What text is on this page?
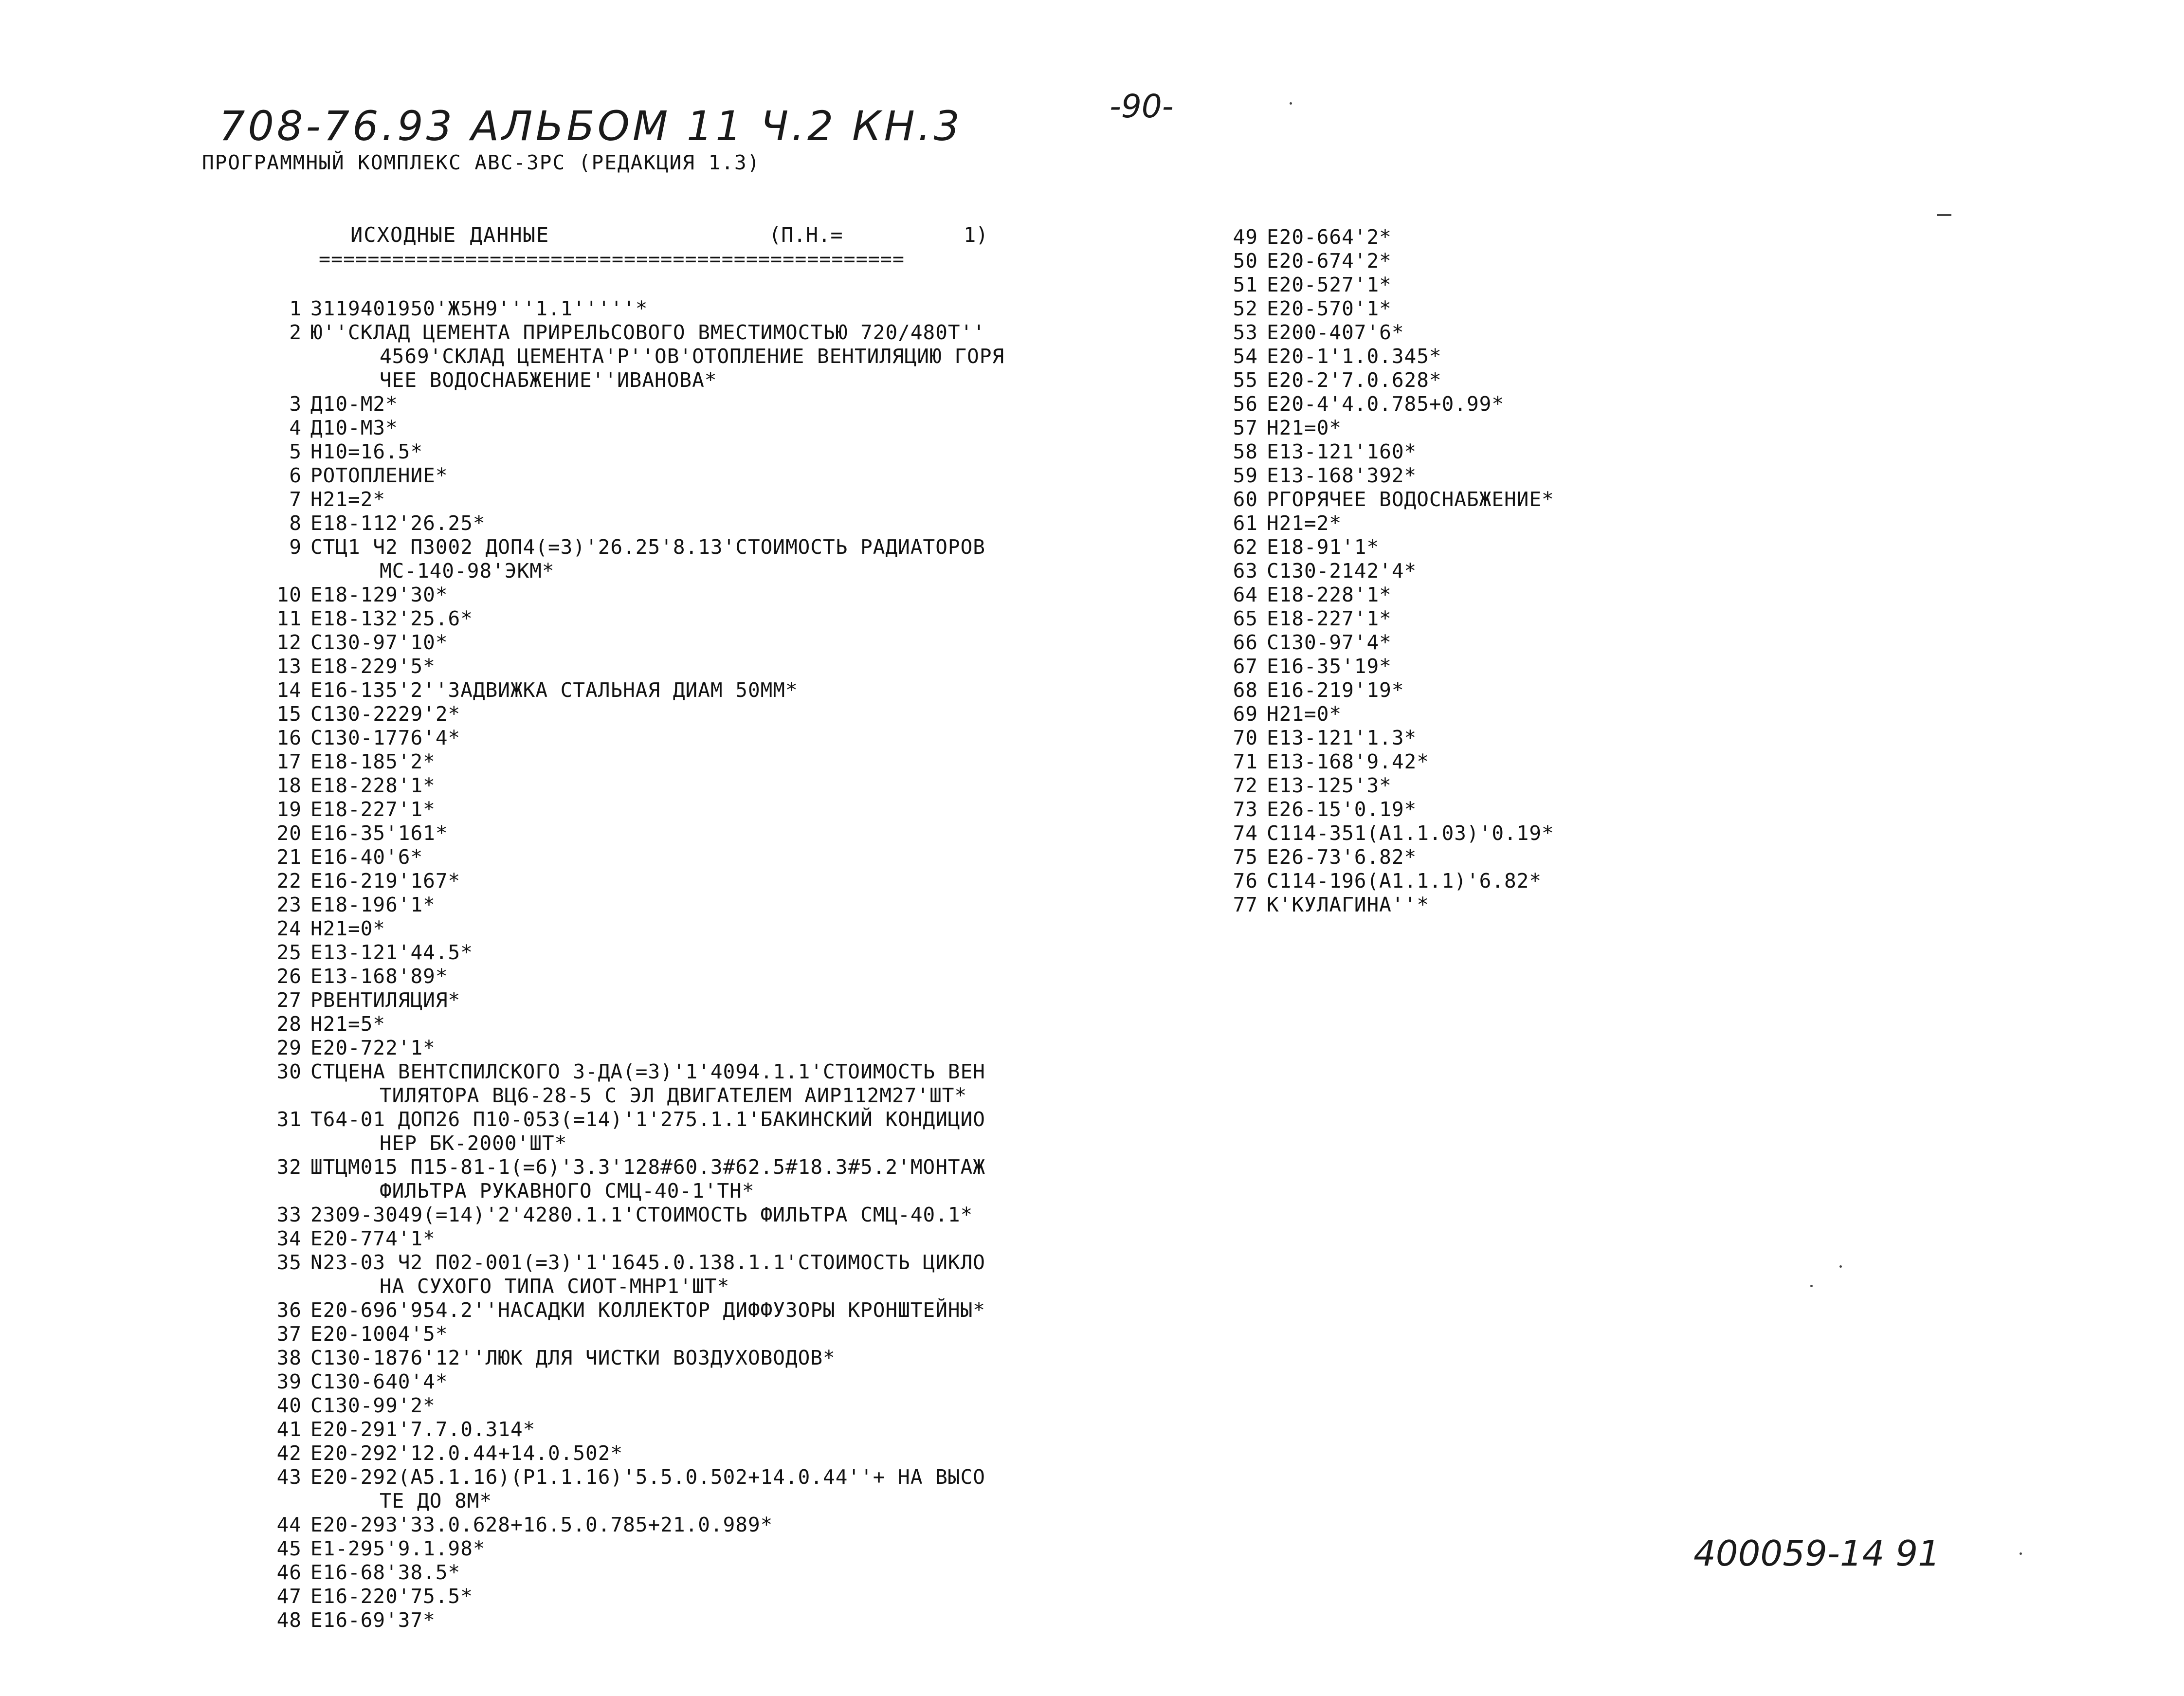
708-76.93 АЛЬБОМ 11 Ч.2 КН.3	-90-
ПРОГРАММНЫЙ КОМПЛЕКС АВС-3РС (РЕДАКЦИЯ 1.3)
ИСХОДНЫЕ ДАННЫЕ	(П.Н.=	1)
================================================
1 3119401950'Ж5Н9'''1.1'''''*
2 Ю''СКЛАД ЦЕМЕНТА ПРИРЕЛЬСОВОГО ВМЕСТИМОСТЬЮ 720/480Т''
4569'СКЛАД ЦЕМЕНТА'Р''ОВ'ОТОПЛЕНИЕ ВЕНТИЛЯЦИЮ ГОРЯ
ЧЕЕ ВОДОСНАБЖЕНИЕ''ИВАНОВА*
3 Д10-М2*
4 Д10-М3*
5 Н10=16.5*
6 РОТОПЛЕНИЕ*
7 Н21=2*
8 Е18-112'26.25*
9 СТЦ1 Ч2 П3002 ДОП4(=3)'26.25'8.13'СТОИМОСТЬ РАДИАТОРОВ
МС-140-98'ЭКМ*
10 Е18-129'30*
11 Е18-132'25.6*
12 С130-97'10*
13 Е18-229'5*
14 Е16-135'2''ЗАДВИЖКА СТАЛЬНАЯ ДИАМ 50ММ*
15 С130-2229'2*
16 С130-1776'4*
17 Е18-185'2*
18 Е18-228'1*
19 Е18-227'1*
20 Е16-35'161*
21 Е16-40'6*
22 Е16-219'167*
23 Е18-196'1*
24 Н21=0*
25 Е13-121'44.5*
26 Е13-168'89*
27 РВЕНТИЛЯЦИЯ*
28 Н21=5*
29 Е20-722'1*
30 СТЦЕНА ВЕНТСПИЛСКОГО 3-ДА(=3)'1'4094.1.1'СТОИМОСТЬ ВЕН
ТИЛЯТОРА ВЦ6-28-5 С ЭЛ ДВИГАТЕЛЕМ АИР112М27'ШТ*
31 Т64-01 ДОП26 П10-053(=14)'1'275.1.1'БАКИНСКИЙ КОНДИЦИО
НЕР БК-2000'ШТ*
32 ШТЦМ015 П15-81-1(=6)'3.3'128#60.3#62.5#18.3#5.2'МОНТАЖ
ФИЛЬТРА РУКАВНОГО СМЦ-40-1'ТН*
33 2309-3049(=14)'2'4280.1.1'СТОИМОСТЬ ФИЛЬТРА СМЦ-40.1*
34 Е20-774'1*
35 N23-03 Ч2 П02-001(=3)'1'1645.0.138.1.1'СТОИМОСТЬ ЦИКЛО
НА СУХОГО ТИПА СИОТ-МНР1'ШТ*
36 Е20-696'954.2''НАСАДКИ КОЛЛЕКТОР ДИФФУЗОРЫ КРОНШТЕЙНЫ*
37 Е20-1004'5*
38 С130-1876'12''ЛЮК ДЛЯ ЧИСТКИ ВОЗДУХОВОДОВ*
39 С130-640'4*
40 С130-99'2*
41 Е20-291'7.7.0.314*
42 Е20-292'12.0.44+14.0.502*
43 Е20-292(А5.1.16)(Р1.1.16)'5.5.0.502+14.0.44''+ НА ВЫСО
ТЕ ДО 8М*
44 Е20-293'33.0.628+16.5.0.785+21.0.989*
45 Е1-295'9.1.98*
46 Е16-68'38.5*
47 Е16-220'75.5*
48 Е16-69'37*
49 Е20-664'2*
50 Е20-674'2*
51 Е20-527'1*
52 Е20-570'1*
53 Е200-407'6*
54 Е20-1'1.0.345*
55 Е20-2'7.0.628*
56 Е20-4'4.0.785+0.99*
57 Н21=0*
58 Е13-121'160*
59 Е13-168'392*
60 РГОРЯЧЕЕ ВОДОСНАБЖЕНИЕ*
61 Н21=2*
62 Е18-91'1*
63 С130-2142'4*
64 Е18-228'1*
65 Е18-227'1*
66 С130-97'4*
67 Е16-35'19*
68 Е16-219'19*
69 Н21=0*
70 Е13-121'1.3*
71 Е13-168'9.42*
72 Е13-125'3*
73 Е26-15'0.19*
74 С114-351(А1.1.03)'0.19*
75 Е26-73'6.82*
76 С114-196(А1.1.1)'6.82*
77 К'КУЛАГИНА''*
400059-14 91
